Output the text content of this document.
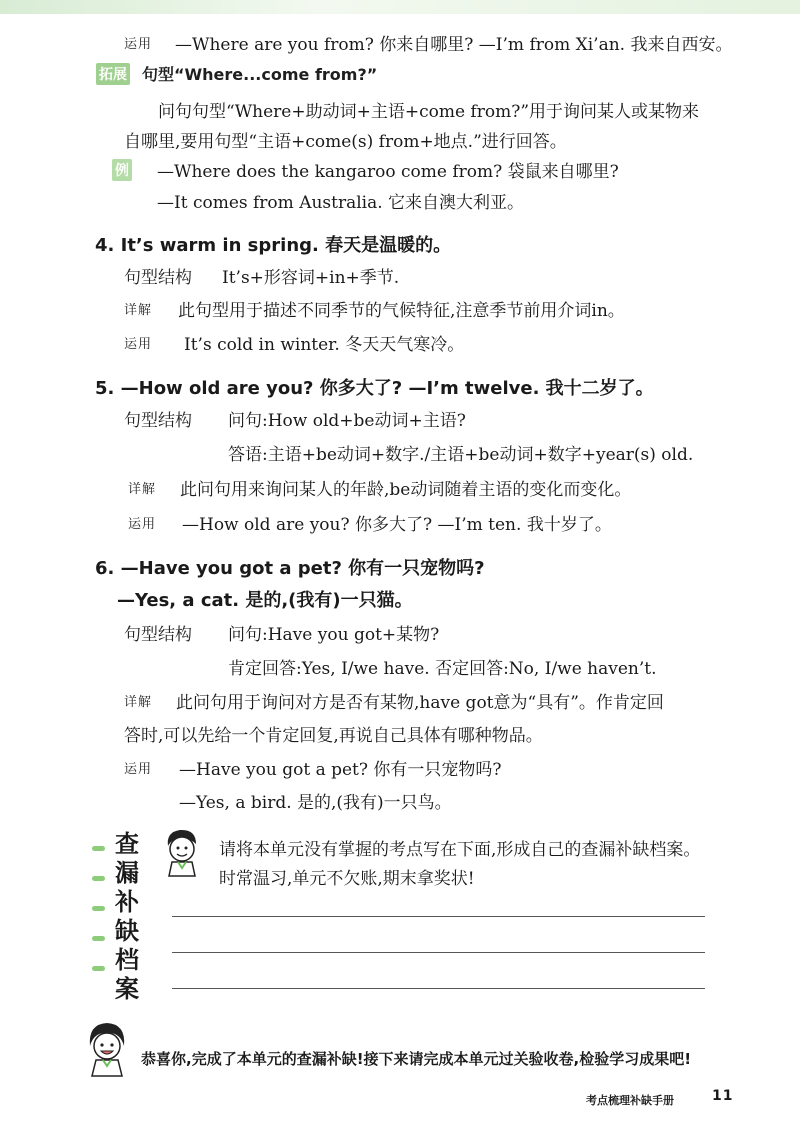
运用 —Where are you from? 你来自哪里? —I’m from Xi’an. 我来自西安。
拓展 句型“Where...come from?”
问句句型“Where+助动词+主语+come from?”用于询问某人或某物来
自哪里,要用句型“主语+come(s) from+地点.”进行回答。
例 —Where does the kangaroo come from? 袋鼠来自哪里?
—It comes from Australia. 它来自澳大利亚。
4. It’s warm in spring. 春天是温暖的。
句型结构 It’s+形容词+in+季节.
详解 此句型用于描述不同季节的气候特征,注意季节前用介词in。
运用 It’s cold in winter. 冬天天气寒冷。
5. —How old are you? 你多大了? —I’m twelve. 我十二岁了。
句型结构 问句:How old+be动词+主语?
答语:主语+be动词+数字./主语+be动词+数字+year(s) old.
详解 此问句用来询问某人的年龄,be动词随着主语的变化而变化。
运用 —How old are you? 你多大了? —I’m ten. 我十岁了。
6. —Have you got a pet? 你有一只宠物吗?
—Yes, a cat. 是的,(我有)一只猫。
句型结构 问句:Have you got+某物?
肯定回答:Yes, I/we have. 否定回答:No, I/we haven’t.
详解 此问句用于询问对方是否有某物,have got意为“具有”。作肯定回
答时,可以先给一个肯定回复,再说自己具体有哪种物品。
运用 —Have you got a pet? 你有一只宠物吗?
—Yes, a bird. 是的,(我有)一只鸟。
查
漏
补
缺
档
案
请将本单元没有掌握的考点写在下面,形成自己的查漏补缺档案。
时常温习,单元不欠账,期末拿奖状!
恭喜你,完成了本单元的查漏补缺!接下来请完成本单元过关验收卷,检验学习成果吧!
考点梳理补缺手册	11
